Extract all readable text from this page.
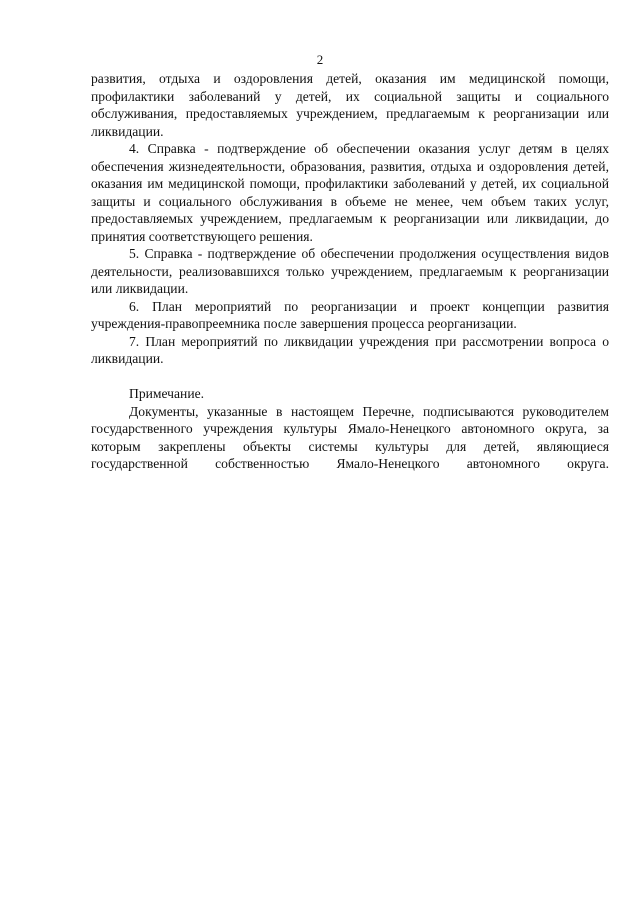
2

развития, отдыха и оздоровления детей, оказания им медицинской помощи, профилактики заболеваний у детей, их социальной защиты и социального обслуживания, предоставляемых учреждением, предлагаемым к реорганизации или ликвидации.

4. Справка - подтверждение об обеспечении оказания услуг детям в целях обеспечения жизнедеятельности, образования, развития, отдыха и оздоровления детей, оказания им медицинской помощи, профилактики заболеваний у детей, их социальной защиты и социального обслуживания в объеме не менее, чем объем таких услуг, предоставляемых учреждением, предлагаемым к реорганизации или ликвидации, до принятия соответствующего решения.

5. Справка - подтверждение об обеспечении продолжения осуществления видов деятельности, реализовавшихся только учреждением, предлагаемым к реорганизации или ликвидации.

6. План мероприятий по реорганизации и проект концепции развития учреждения-правопреемника после завершения процесса реорганизации.

7. План мероприятий по ликвидации учреждения при рассмотрении вопроса о ликвидации.

Примечание.

Документы, указанные в настоящем Перечне, подписываются руководителем государственного учреждения культуры Ямало-Ненецкого автономного округа, за которым закреплены объекты системы культуры для детей, являющиеся государственной собственностью Ямало-Ненецкого автономного округа.
